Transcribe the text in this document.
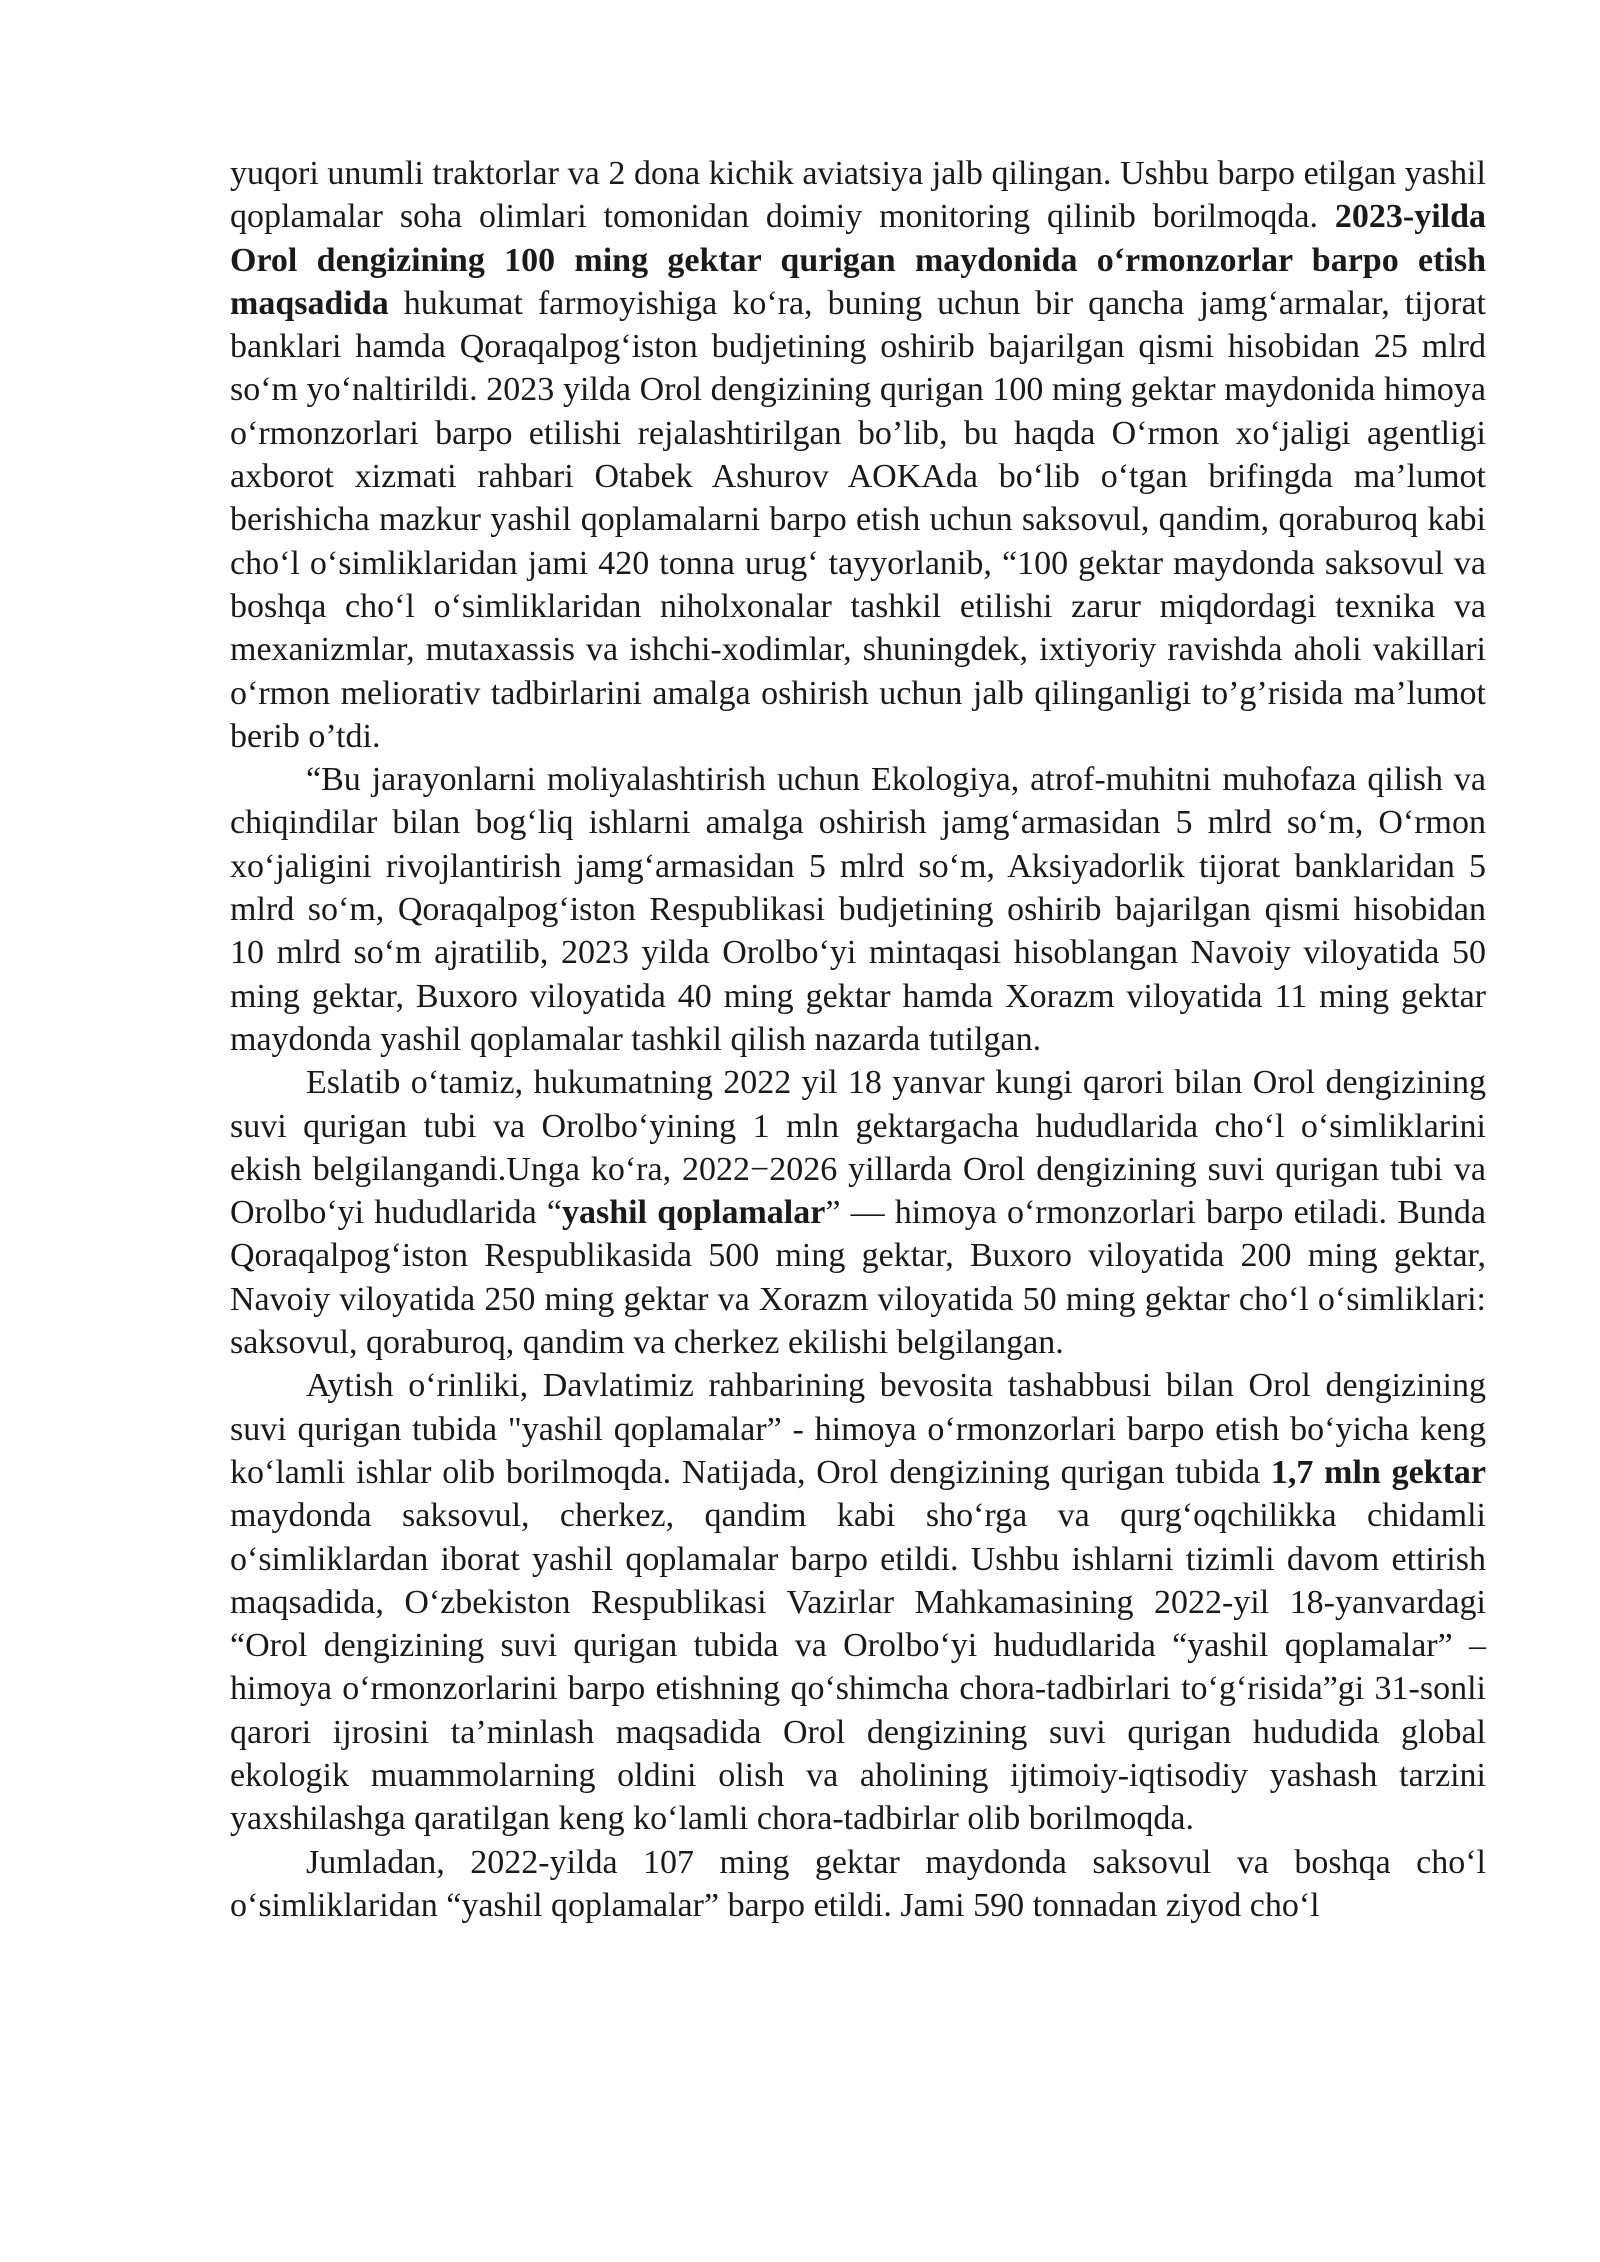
yuqori unumli traktorlar va 2 dona kichik aviatsiya jalb qilingan. Ushbu barpo etilgan yashil qoplamalar soha olimlari tomonidan doimiy monitoring qilinib borilmoqda. 2023-yilda Orol dengizining 100 ming gektar qurigan maydonida o‘rmonzorlar barpo etish maqsadida hukumat farmoyishiga ko‘ra, buning uchun bir qancha jamg‘armalar, tijorat banklari hamda Qoraqalpog‘iston budjetining oshirib bajarilgan qismi hisobidan 25 mlrd so‘m yo‘naltirildi. 2023 yilda Orol dengizining qurigan 100 ming gektar maydonida himoya o‘rmonzorlari barpo etilishi rejalashtirilgan bo’lib, bu haqda O‘rmon xo‘jaligi agentligi axborot xizmati rahbari Otabek Ashurov AOKAda bo‘lib o‘tgan brifingda ma’lumot berishicha mazkur yashil qoplamalarni barpo etish uchun saksovul, qandim, qoraburoq kabi cho‘l o‘simliklaridan jami 420 tonna urug‘ tayyorlanib, “100 gektar maydonda saksovul va boshqa cho‘l o‘simliklaridan niholxonalar tashkil etilishi zarur miqdordagi texnika va mexanizmlar, mutaxassis va ishchi-xodimlar, shuningdek, ixtiyoriy ravishda aholi vakillari o‘rmon meliorativ tadbirlarini amalga oshirish uchun jalb qilinganligi to’g’risida ma’lumot berib o’tdi.

“Bu jarayonlarni moliyalashtirish uchun Ekologiya, atrof-muhitni muhofaza qilish va chiqindilar bilan bog‘liq ishlarni amalga oshirish jamg‘armasidan 5 mlrd so‘m, O‘rmon xo‘jaligini rivojlantirish jamg‘armasidan 5 mlrd so‘m, Aksiyadorlik tijorat banklaridan 5 mlrd so‘m, Qoraqalpog‘iston Respublikasi budjetining oshirib bajarilgan qismi hisobidan 10 mlrd so‘m ajratilib, 2023 yilda Orolbo‘yi mintaqasi hisoblangan Navoiy viloyatida 50 ming gektar, Buxoro viloyatida 40 ming gektar hamda Xorazm viloyatida 11 ming gektar maydonda yashil qoplamalar tashkil qilish nazarda tutilgan.

Eslatib o‘tamiz, hukumatning 2022 yil 18 yanvar kungi qarori bilan Orol dengizining suvi qurigan tubi va Orolbo‘yining 1 mln gektargacha hududlarida cho‘l o‘simliklarini ekish belgilangandi.Unga ko‘ra, 2022−2026 yillarda Orol dengizining suvi qurigan tubi va Orolbo‘yi hududlarida “yashil qoplamalar” — himoya o‘rmonzorlari barpo etiladi. Bunda Qoraqalpog‘iston Respublikasida 500 ming gektar, Buxoro viloyatida 200 ming gektar, Navoiy viloyatida 250 ming gektar va Xorazm viloyatida 50 ming gektar cho‘l o‘simliklari: saksovul, qoraburoq, qandim va cherkez ekilishi belgilangan.

Aytish o‘rinliki, Davlatimiz rahbarining bevosita tashabbusi bilan Orol dengizining suvi qurigan tubida "yashil qoplamalar” - himoya o‘rmonzorlari barpo etish bo‘yicha keng ko‘lamli ishlar olib borilmoqda. Natijada, Orol dengizining qurigan tubida 1,7 mln gektar maydonda saksovul, cherkez, qandim kabi sho‘rga va qurg‘oqchilikka chidamli o‘simliklardan iborat yashil qoplamalar barpo etildi. Ushbu ishlarni tizimli davom ettirish maqsadida, O‘zbekiston Respublikasi Vazirlar Mahkamasining 2022-yil 18-yanvardagi “Orol dengizining suvi qurigan tubida va Orolbo‘yi hududlarida “yashil qoplamalar” – himoya o‘rmonzorlarini barpo etishning qo‘shimcha chora-tadbirlari to‘g‘risida”gi 31-sonli qarori ijrosini ta’minlash maqsadida Orol dengizining suvi qurigan hududida global ekologik muammolarning oldini olish va aholining ijtimoiy-iqtisodiy yashash tarzini yaxshilashga qaratilgan keng ko‘lamli chora-tadbirlar olib borilmoqda.

Jumladan, 2022-yilda 107 ming gektar maydonda saksovul va boshqa cho‘l o‘simliklaridan “yashil qoplamalar” barpo etildi. Jami 590 tonnadan ziyod cho‘l
